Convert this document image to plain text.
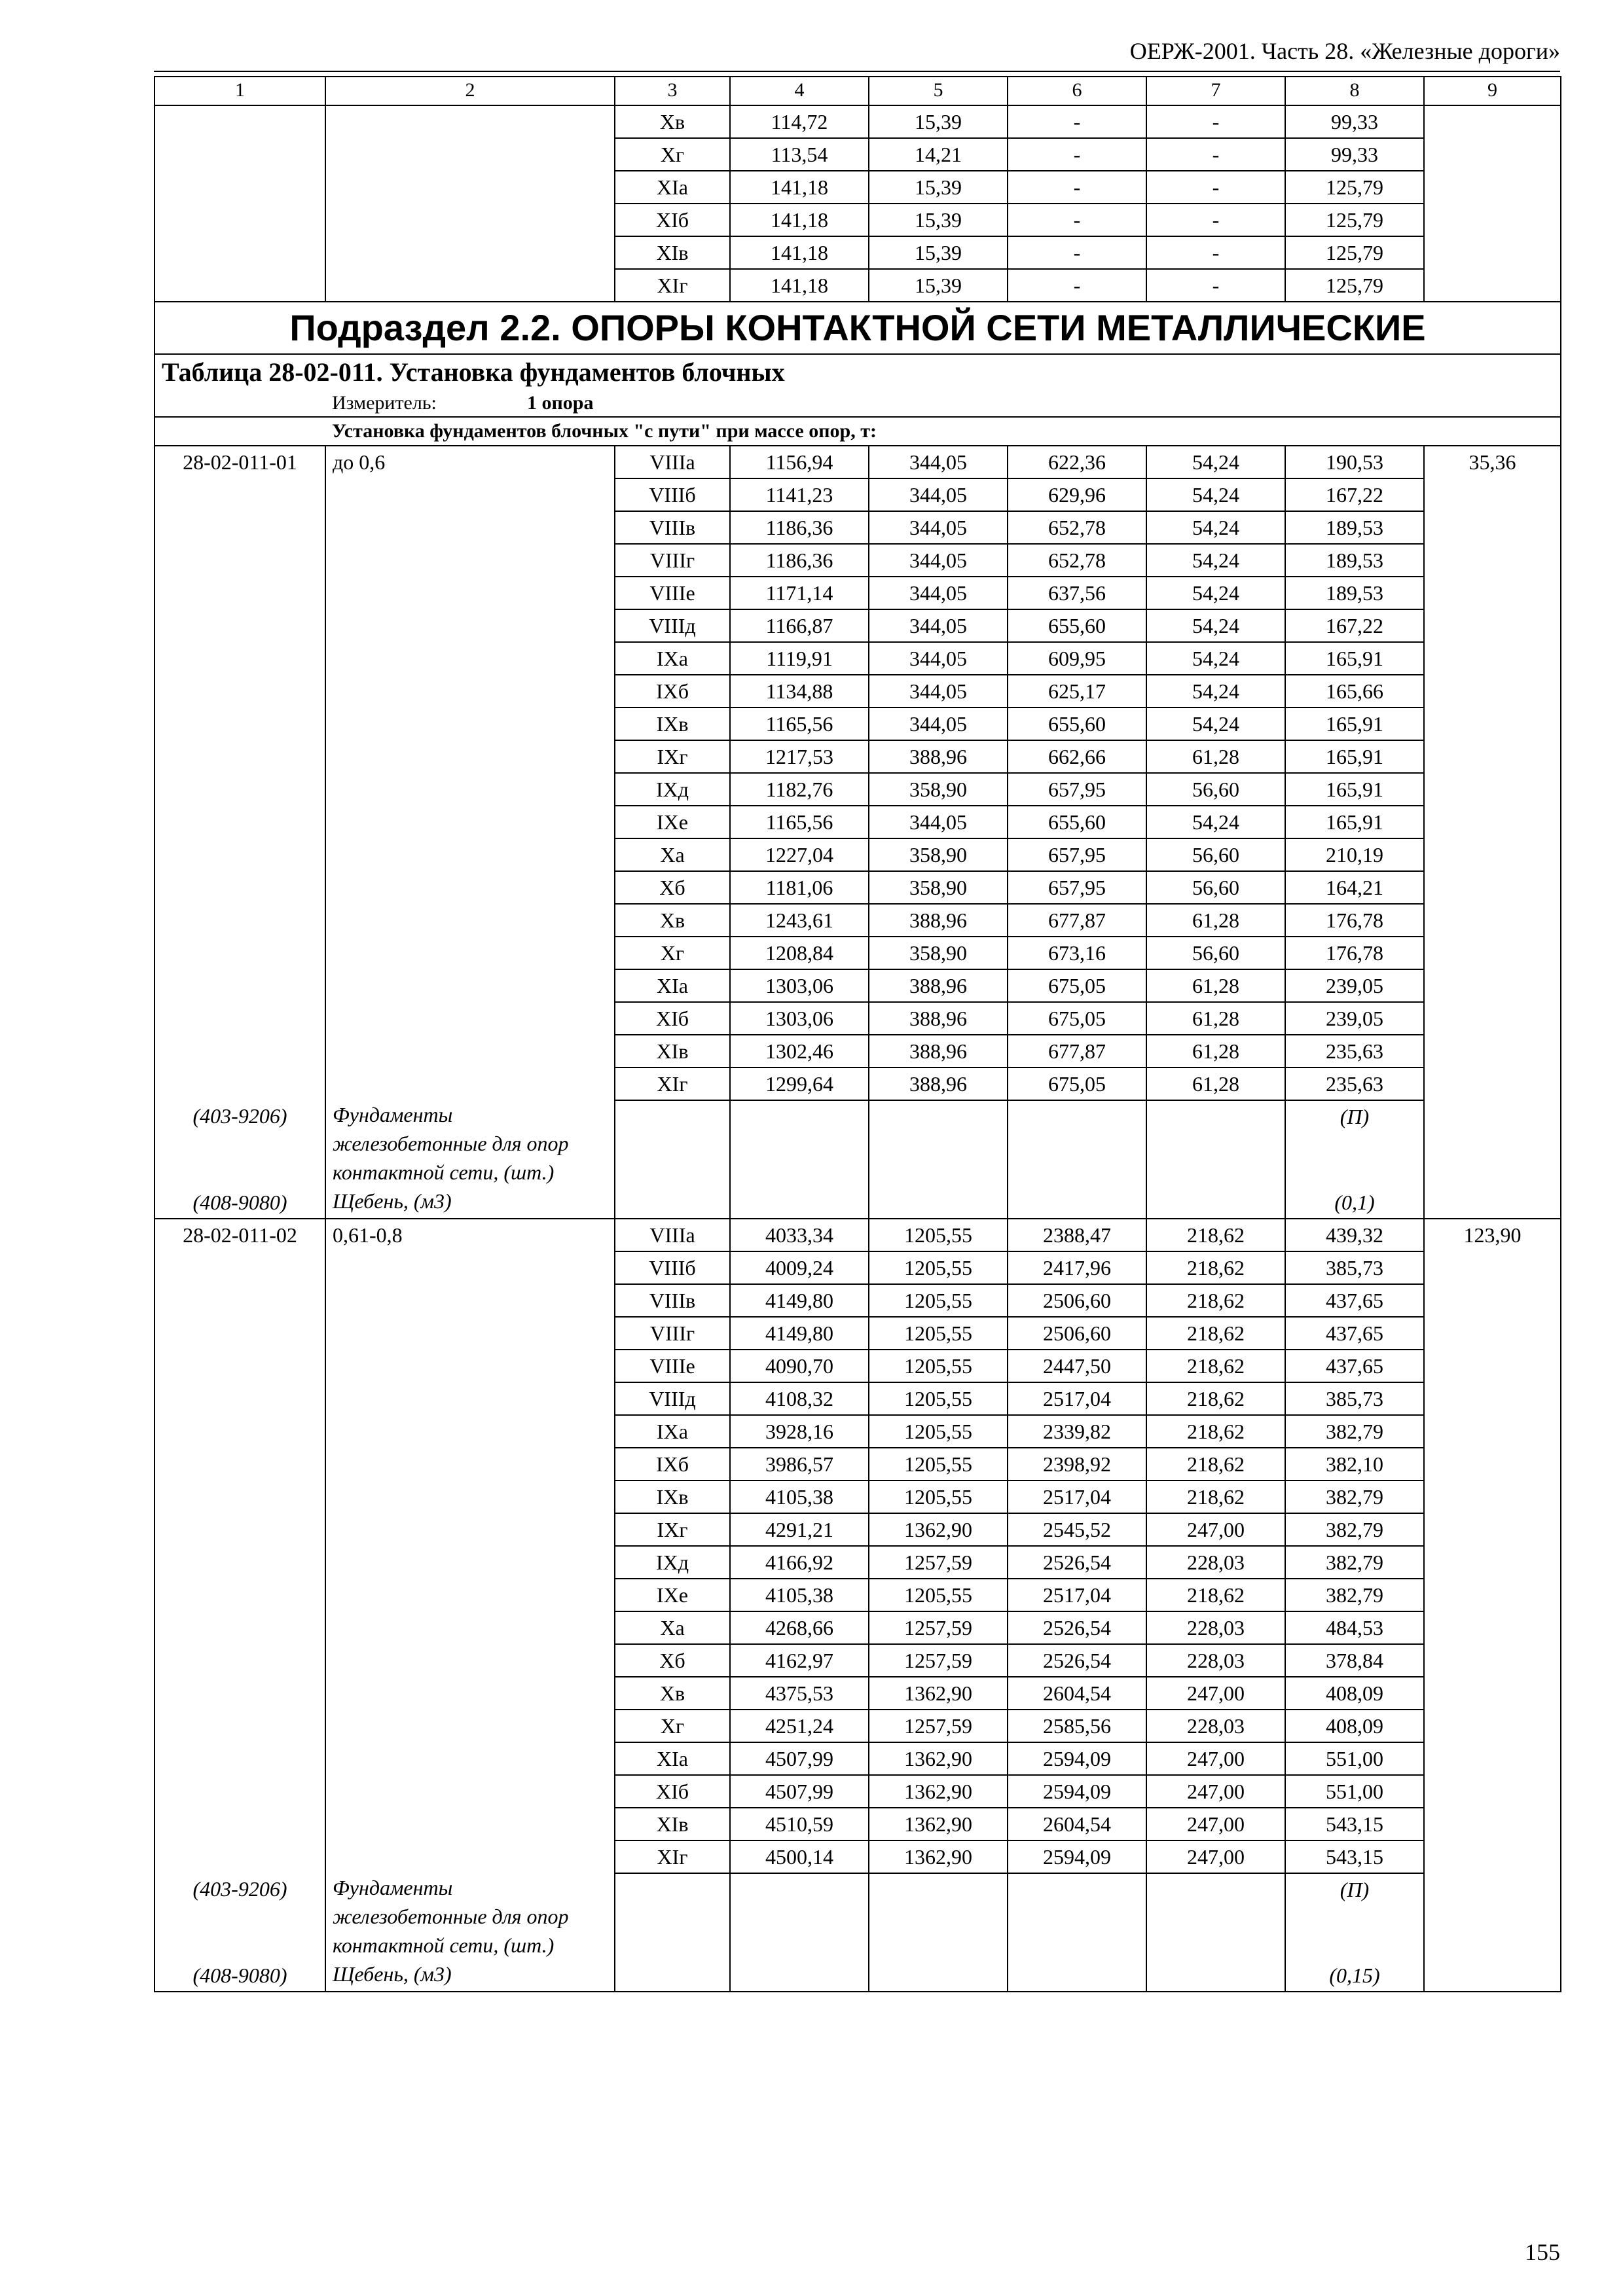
ОЕРЖ-2001. Часть 28. «Железные дороги»
1	2	3	4	5	6	7	8	9
		Хв	114,72	15,39	-	-	99,33	
		Хг	113,54	14,21	-	-	99,33	
		ХIа	141,18	15,39	-	-	125,79	
		ХIб	141,18	15,39	-	-	125,79	
		ХIв	141,18	15,39	-	-	125,79	
		ХIг	141,18	15,39	-	-	125,79	
Подраздел 2.2. ОПОРЫ КОНТАКТНОЙ СЕТИ МЕТАЛЛИЧЕСКИЕ								
Таблица 28-02-011. Установка фундаментов блочных								
	Измеритель: 1 опора							
	Установка фундаментов блочных "с пути" при массе опор, т:							
28-02-011-01	до 0,6	VIIIа	1156,94	344,05	622,36	54,24	190,53	35,36
		VIIIб	1141,23	344,05	629,96	54,24	167,22	
		VIIIв	1186,36	344,05	652,78	54,24	189,53	
		VIIIг	1186,36	344,05	652,78	54,24	189,53	
		VIIIе	1171,14	344,05	637,56	54,24	189,53	
		VIIIд	1166,87	344,05	655,60	54,24	167,22	
		IXа	1119,91	344,05	609,95	54,24	165,91	
		IXб	1134,88	344,05	625,17	54,24	165,66	
		IXв	1165,56	344,05	655,60	54,24	165,91	
		IXг	1217,53	388,96	662,66	61,28	165,91	
		IXд	1182,76	358,90	657,95	56,60	165,91	
		IXе	1165,56	344,05	655,60	54,24	165,91	
		Ха	1227,04	358,90	657,95	56,60	210,19	
		Хб	1181,06	358,90	657,95	56,60	164,21	
		Хв	1243,61	388,96	677,87	61,28	176,78	
		Хг	1208,84	358,90	673,16	56,60	176,78	
		ХIа	1303,06	388,96	675,05	61,28	239,05	
		ХIб	1303,06	388,96	675,05	61,28	239,05	
		ХIв	1302,46	388,96	677,87	61,28	235,63	
		ХIг	1299,64	388,96	675,05	61,28	235,63	
(403-9206)	Фундаменты железобетонные для опор контактной сети, (шт.)						(П)	
(408-9080)	Щебень, (м3)						(0,1)	
28-02-011-02	0,61-0,8	VIIIа	4033,34	1205,55	2388,47	218,62	439,32	123,90
		VIIIб	4009,24	1205,55	2417,96	218,62	385,73	
		VIIIв	4149,80	1205,55	2506,60	218,62	437,65	
		VIIIг	4149,80	1205,55	2506,60	218,62	437,65	
		VIIIе	4090,70	1205,55	2447,50	218,62	437,65	
		VIIIд	4108,32	1205,55	2517,04	218,62	385,73	
		IXа	3928,16	1205,55	2339,82	218,62	382,79	
		IXб	3986,57	1205,55	2398,92	218,62	382,10	
		IXв	4105,38	1205,55	2517,04	218,62	382,79	
		IXг	4291,21	1362,90	2545,52	247,00	382,79	
		IXд	4166,92	1257,59	2526,54	228,03	382,79	
		IXе	4105,38	1205,55	2517,04	218,62	382,79	
		Ха	4268,66	1257,59	2526,54	228,03	484,53	
		Хб	4162,97	1257,59	2526,54	228,03	378,84	
		Хв	4375,53	1362,90	2604,54	247,00	408,09	
		Хг	4251,24	1257,59	2585,56	228,03	408,09	
		ХIа	4507,99	1362,90	2594,09	247,00	551,00	
		ХIб	4507,99	1362,90	2594,09	247,00	551,00	
		ХIв	4510,59	1362,90	2604,54	247,00	543,15	
		ХIг	4500,14	1362,90	2594,09	247,00	543,15	
(403-9206)	Фундаменты железобетонные для опор контактной сети, (шт.)						(П)	
(408-9080)	Щебень, (м3)						(0,15)	
155
